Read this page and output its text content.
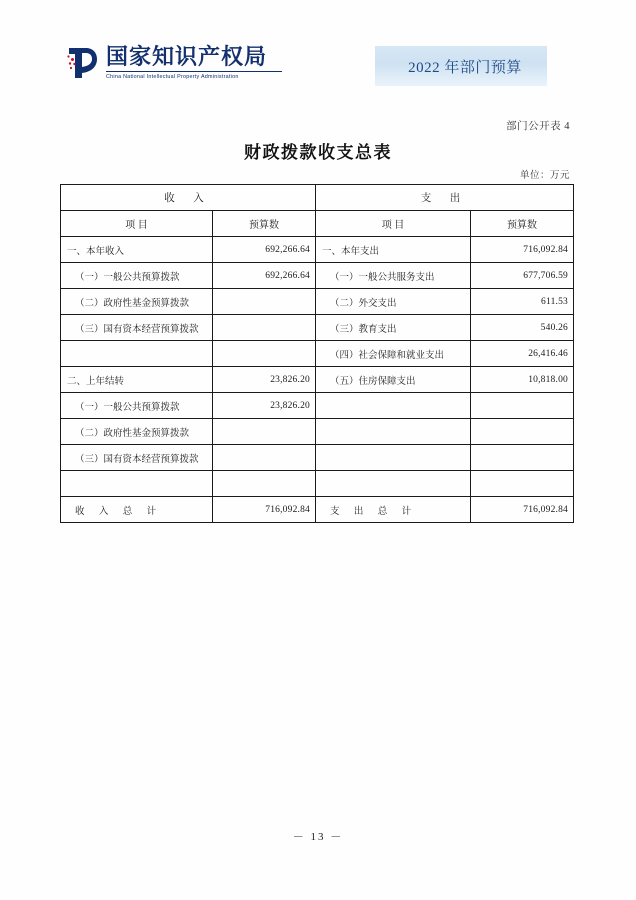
国家知识产权局
China National Intellectual Property Administration
2022 年部门预算
部门公开表 4
财政拨款收支总表
单位：万元
收 入		支 出	
项 目	预算数	项 目	预算数
一、本年收入	692,266.64	一、本年支出	716,092.84
（一）一般公共预算拨款	692,266.64	（一）一般公共服务支出	677,706.59
（二）政府性基金预算拨款		（二）外交支出	611.53
（三）国有资本经营预算拨款		（三）教育支出	540.26
		（四）社会保障和就业支出	26,416.46
二、上年结转	23,826.20	（五）住房保障支出	10,818.00
（一）一般公共预算拨款	23,826.20		
（二）政府性基金预算拨款			
（三）国有资本经营预算拨款			

收 入 总 计	716,092.84	支 出 总 计	716,092.84
－ 13 －
